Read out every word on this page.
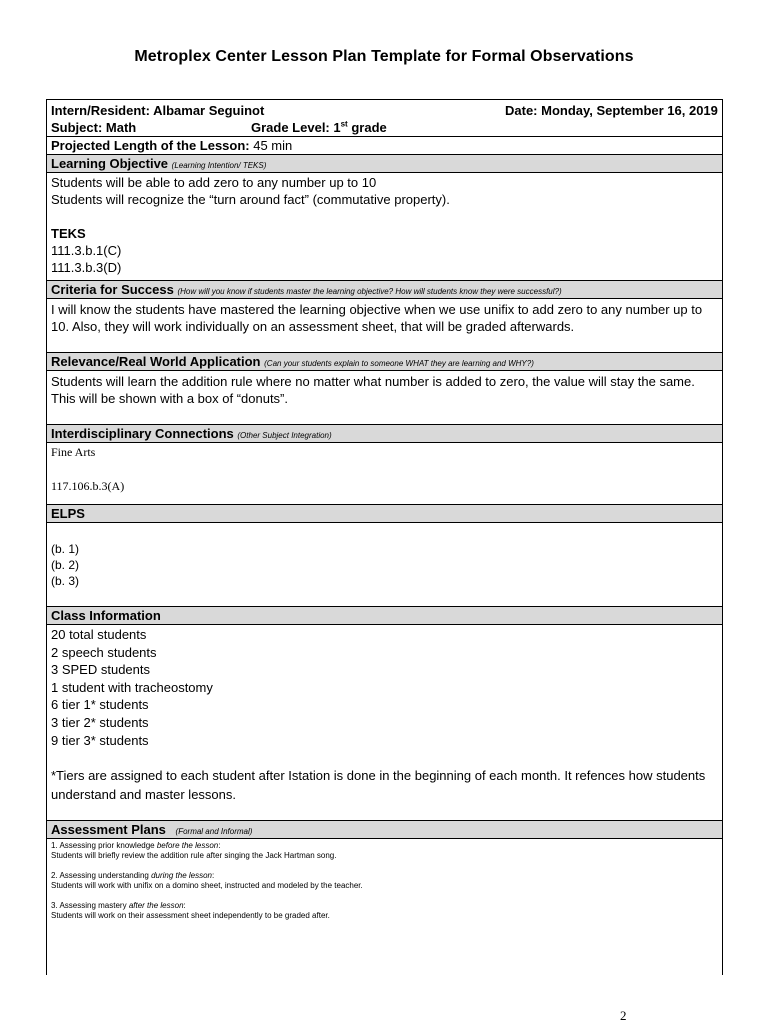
Metroplex Center Lesson Plan Template for Formal Observations
Intern/Resident: Albamar Seguinot	Date: Monday, September 16, 2019
Subject: Math	Grade Level: 1st grade
Projected Length of the Lesson: 45 min
Learning Objective (Learning Intention/ TEKS)
Students will be able to add zero to any number up to 10
Students will recognize the “turn around fact” (commutative property).
TEKS
111.3.b.1(C)
111.3.b.3(D)
Criteria for Success (How will you know if students master the learning objective? How will students know they were successful?)
I will know the students have mastered the learning objective when we use unifix to add zero to any number up to 10. Also, they will work individually on an assessment sheet, that will be graded afterwards.
Relevance/Real World Application (Can your students explain to someone WHAT they are learning and WHY?)
Students will learn the addition rule where no matter what number is added to zero, the value will stay the same. This will be shown with a box of “donuts”.
Interdisciplinary Connections (Other Subject Integration)
Fine Arts
117.106.b.3(A)
ELPS
(b. 1)
(b. 2)
(b. 3)
Class Information
20 total students
2 speech students
3 SPED students
1 student with tracheostomy
6 tier 1* students
3 tier 2* students
9 tier 3* students
*Tiers are assigned to each student after Istation is done in the beginning of each month. It refences how students understand and master lessons.
Assessment Plans (Formal and Informal)
1. Assessing prior knowledge before the lesson:
Students will briefly review the addition rule after singing the Jack Hartman song.
2. Assessing understanding during the lesson:
Students will work with unifix on a domino sheet, instructed and modeled by the teacher.
3. Assessing mastery after the lesson:
Students will work on their assessment sheet independently to be graded after.
2
